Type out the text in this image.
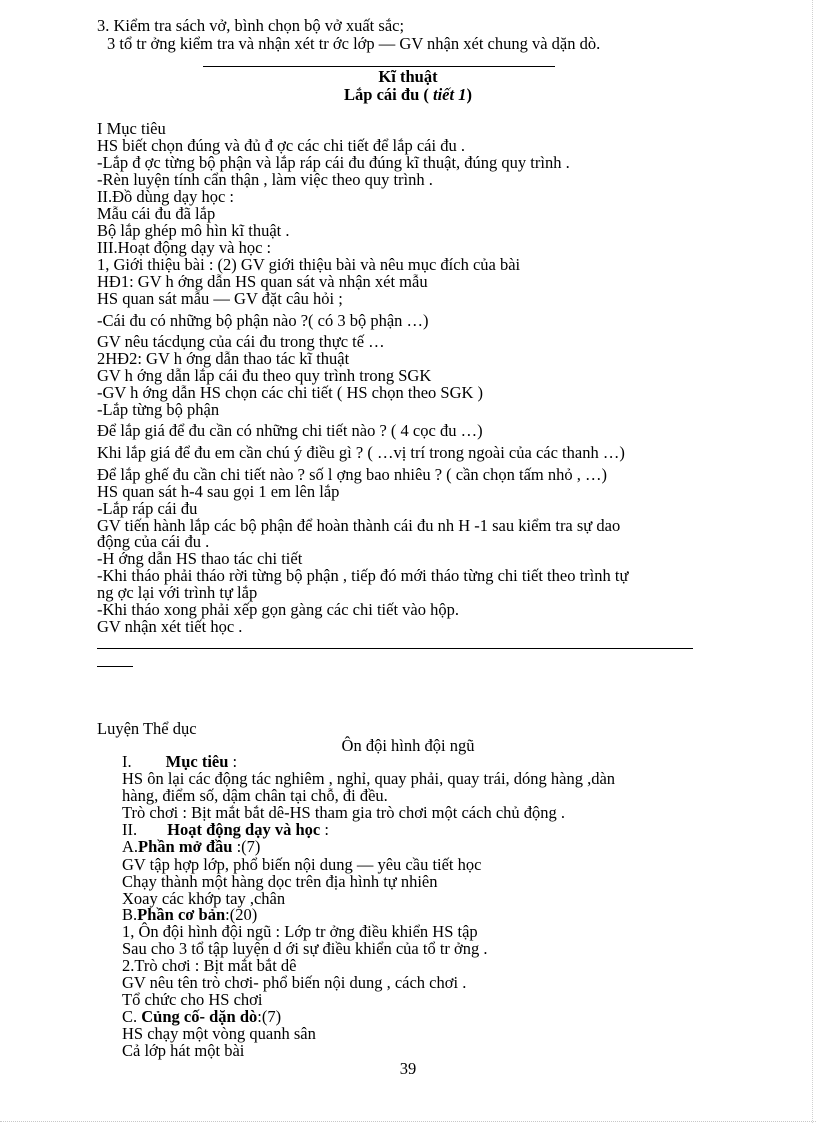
3. Kiểm tra sách vở, bình chọn bộ vở xuất sắc;
3 tổ tr ởng kiểm tra và nhận xét tr ớc lớp — GV nhận xét chung và dặn dò.
Kĩ thuật
Lắp cái đu ( tiết 1)
I Mục tiêu
HS biết chọn đúng và đủ đ ợc các chi tiết để lắp cái đu .
-Lắp đ ợc từng bộ phận và lắp ráp cái đu đúng kĩ thuật, đúng quy trình .
-Rèn luyện tính cẩn thận , làm việc theo quy trình .
II.Đồ dùng dạy học :
Mẫu cái đu đã lắp
Bộ lắp ghép mô hìn kĩ thuật .
III.Hoạt động dạy và học :
1, Giới thiệu bài : (2) GV giới thiệu bài và nêu mục đích của bài
HĐ1: GV h ớng dẫn HS quan sát và nhận xét mẫu
HS quan sát mẫu — GV đặt câu hỏi ;
-Cái đu có những bộ phận nào ?( có 3 bộ phận …)
GV nêu tácdụng của cái đu trong thực tế …
2HĐ2: GV h ớng dẫn thao tác kĩ thuật
GV h ớng dẫn lắp cái đu theo quy trình trong SGK
-GV h ớng dẫn HS chọn các chi tiết ( HS chọn theo SGK )
-Lắp từng bộ phận
Để lắp giá để đu cần có những chi tiết nào ? ( 4 cọc đu …)
Khi lắp giá để đu em cần chú ý điều gì ? ( …vị trí trong ngoài của các thanh …)
Để lắp ghế đu cần chi tiết nào ? số l ợng bao nhiêu ? ( cần chọn tấm nhỏ , …)
HS quan sát h-4 sau gọi 1 em lên lắp
-Lắp ráp cái đu
GV tiến hành lắp các bộ phận để hoàn thành cái đu nh H -1 sau kiểm tra sự dao
động của cái đu .
-H ớng dẫn HS thao tác chi tiết
-Khi tháo phải tháo rời từng bộ phận , tiếp đó mới tháo từng chi tiết theo trình tự
ng ợc lại với trình tự lắp
-Khi tháo xong phải xếp gọn gàng các chi tiết vào hộp.
GV nhận xét tiết học .
Luyện Thể dục
Ôn đội hình đội ngũ
I. Mục tiêu :
HS ôn lại các động tác nghiêm , nghỉ, quay phải, quay trái, dóng hàng ,dàn
hàng, điểm số, dậm chân tại chỗ, đi đều.
Trò chơi : Bịt mắt bắt dê-HS tham gia trò chơi một cách chủ động .
II. Hoạt động dạy và học :
A.Phần mở đầu :(7)
GV tập hợp lớp, phổ biến nội dung — yêu cầu tiết học
Chạy thành một hàng dọc trên địa hình tự nhiên
Xoay các khớp tay ,chân
B.Phần cơ bản:(20)
1, Ôn đội hình đội ngũ : Lớp tr ởng điều khiển HS tập
Sau cho 3 tổ tập luyện d ới sự điều khiển của tổ tr ởng .
2.Trò chơi : Bịt mắt bắt dê
GV nêu tên trò chơi- phổ biến nội dung , cách chơi .
Tổ chức cho HS chơi
C. Củng cố- dặn dò:(7)
HS chạy một vòng quanh sân
Cả lớp hát một bài
39
